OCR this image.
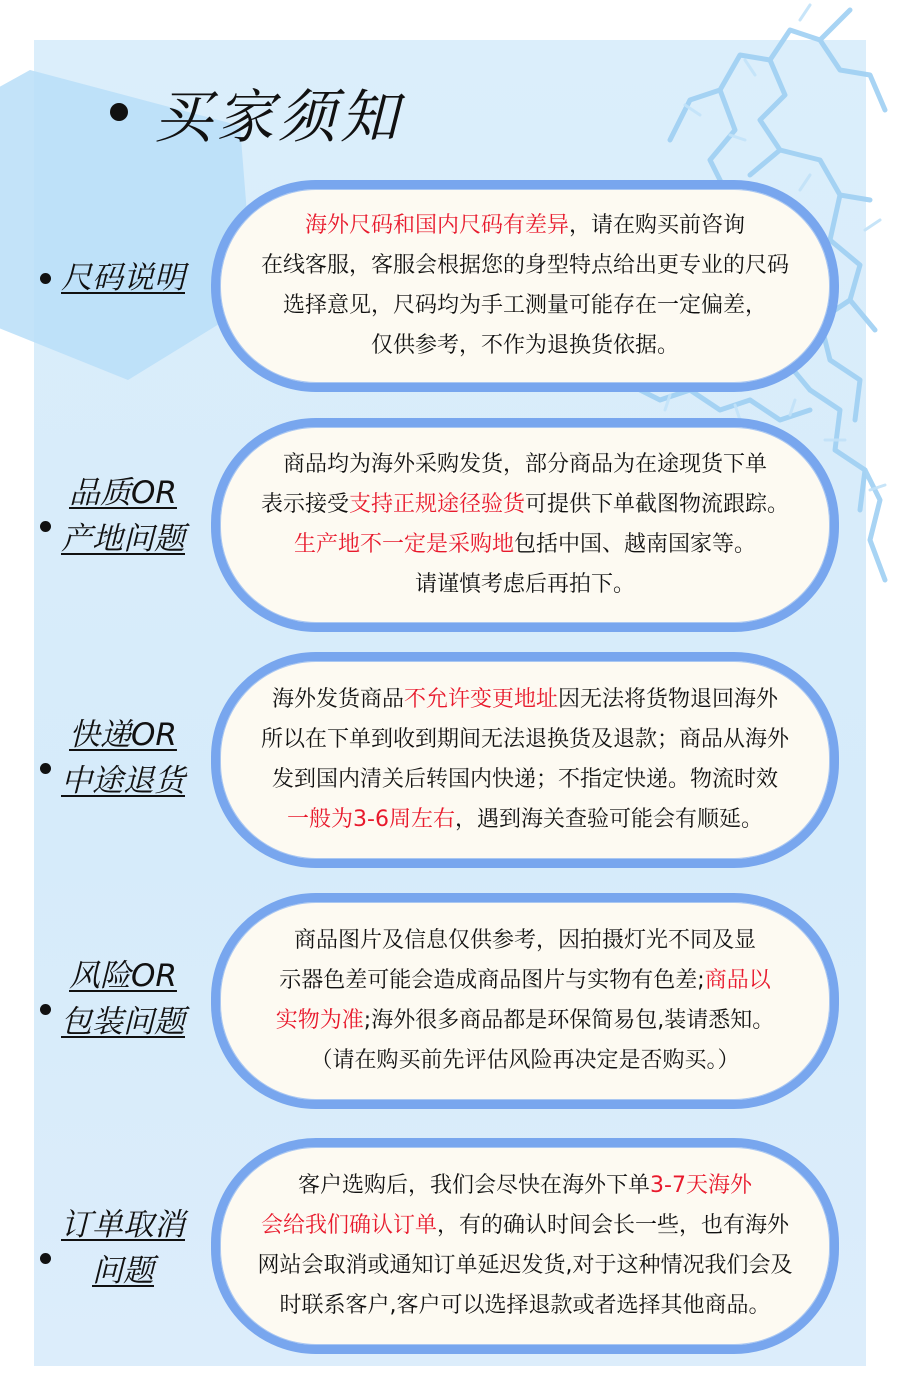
买家须知
尺码说明
海外尺码和国内尺码有差异，请在购买前咨询
在线客服，客服会根据您的身型特点给出更专业的尺码
选择意见，尺码均为手工测量可能存在一定偏差，
仅供参考，不作为退换货依据。
品质OR
产地问题
商品均为海外采购发货，部分商品为在途现货下单
表示接受支持正规途径验货可提供下单截图物流跟踪。
生产地不一定是采购地包括中国、越南国家等。
请谨慎考虑后再拍下。
快递OR
中途退货
海外发货商品不允许变更地址因无法将货物退回海外
所以在下单到收到期间无法退换货及退款；商品从海外
发到国内清关后转国内快递；不指定快递。物流时效
一般为3-6周左右，遇到海关查验可能会有顺延。
风险OR
包装问题
商品图片及信息仅供参考，因拍摄灯光不同及显
示器色差可能会造成商品图片与实物有色差;商品以
实物为准;海外很多商品都是环保简易包,装请悉知。
（请在购买前先评估风险再决定是否购买。）
订单取消
问题
客户选购后，我们会尽快在海外下单3-7天海外
会给我们确认订单，有的确认时间会长一些，也有海外
网站会取消或通知订单延迟发货,对于这种情况我们会及
时联系客户,客户可以选择退款或者选择其他商品。
